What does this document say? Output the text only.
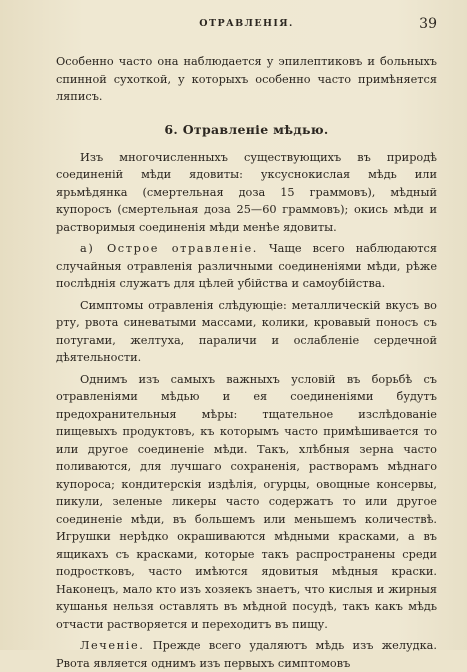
ОТРАВЛЕНІЯ.	39

Особенно часто она наблюдается у эпилептиковъ и больныхъ спинной сухоткой, у которыхъ особенно часто примѣняется ляписъ.

6. Отравленіе мѣдью.

Изъ многочисленныхъ существующихъ въ природѣ соединеній мѣди ядовиты: уксуснокислая мѣдь или ярьмѣдянка (смертельная доза 15 граммовъ), мѣдный купоросъ (смертельная доза 25—60 граммовъ); окись мѣди и растворимыя соединенія мѣди менѣе ядовиты.

а) Острое отравленіе. Чаще всего наблюдаются случайныя отравленія различными соединеніями мѣди, рѣже послѣднія служатъ для цѣлей убійства и самоубійства.

Симптомы отравленія слѣдующіе: металлическій вкусъ во рту, рвота синеватыми массами, колики, кровавый поносъ съ потугами, желтуха, параличи и ослабленіе сердечной дѣятельности.

Однимъ изъ самыхъ важныхъ условій въ борьбѣ съ отравленіями мѣдью и ея соединеніями будутъ предохранительныя мѣры: тщательное изслѣдованіе пищевыхъ продуктовъ, къ которымъ часто примѣшивается то или другое соединеніе мѣди. Такъ, хлѣбныя зерна часто поливаются, для лучшаго сохраненія, растворамъ мѣднаго купороса; кондитерскія издѣлія, огурцы, овощные консервы, пикули, зеленые ликеры часто содержатъ то или другое соединеніе мѣди, въ большемъ или меньшемъ количествѣ. Игрушки нерѣдко окрашиваются мѣдными красками, а въ ящикахъ съ красками, которые такъ распространены среди подростковъ, часто имѣются ядовитыя мѣдныя краски. Наконецъ, мало кто изъ хозяекъ знаетъ, что кислыя и жирныя кушанья нельзя оставлять въ мѣдной посудѣ, такъ какъ мѣдь отчасти растворяется и переходитъ въ пищу.

Леченіе. Прежде всего удаляютъ мѣдь изъ желудка. Рвота является однимъ изъ первыхъ симптомовъ
